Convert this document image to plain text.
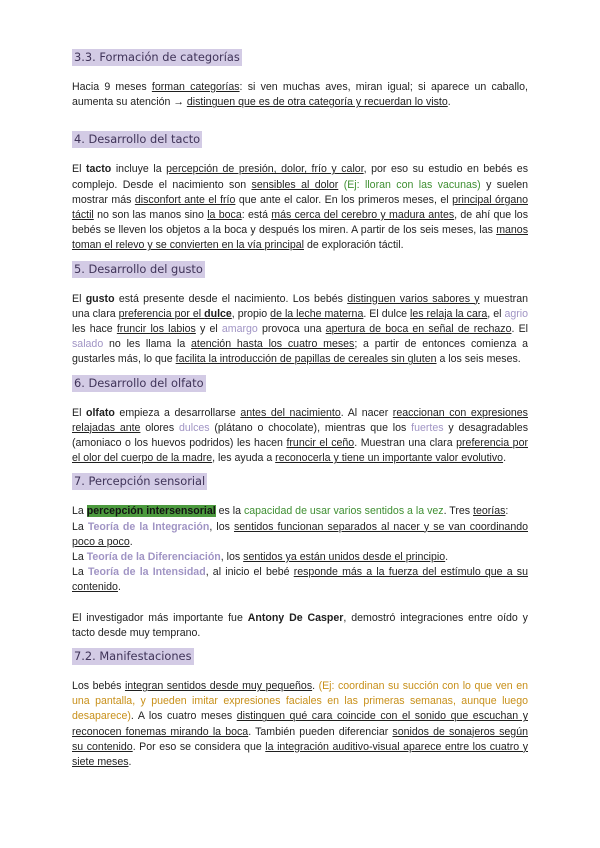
3.3. Formación de categorías

Hacia 9 meses forman categorías: si ven muchas aves, miran igual; si aparece un caballo, aumenta su atención → distinguen que es de otra categoría y recuerdan lo visto.

4. Desarrollo del tacto

El tacto incluye la percepción de presión, dolor, frío y calor, por eso su estudio en bebés es complejo. Desde el nacimiento son sensibles al dolor (Ej: lloran con las vacunas) y suelen mostrar más disconfort ante el frío que ante el calor. En los primeros meses, el principal órgano táctil no son las manos sino la boca: está más cerca del cerebro y madura antes, de ahí que los bebés se lleven los objetos a la boca y después los miren. A partir de los seis meses, las manos toman el relevo y se convierten en la vía principal de exploración táctil.

5. Desarrollo del gusto

El gusto está presente desde el nacimiento. Los bebés distinguen varios sabores y muestran una clara preferencia por el dulce, propio de la leche materna. El dulce les relaja la cara, el agrio les hace fruncir los labios y el amargo provoca una apertura de boca en señal de rechazo. El salado no les llama la atención hasta los cuatro meses; a partir de entonces comienza a gustarles más, lo que facilita la introducción de papillas de cereales sin gluten a los seis meses.

6. Desarrollo del olfato

El olfato empieza a desarrollarse antes del nacimiento. Al nacer reaccionan con expresiones relajadas ante olores dulces (plátano o chocolate), mientras que los fuertes y desagradables (amoniaco o los huevos podridos) les hacen fruncir el ceño. Muestran una clara preferencia por el olor del cuerpo de la madre, les ayuda a reconocerla y tiene un importante valor evolutivo.

7. Percepción sensorial

La percepción intersensorial es la capacidad de usar varios sentidos a la vez. Tres teorías:

La Teoría de la Integración, los sentidos funcionan separados al nacer y se van coordinando poco a poco.

La Teoría de la Diferenciación, los sentidos ya están unidos desde el principio.

La Teoría de la Intensidad, al inicio el bebé responde más a la fuerza del estímulo que a su contenido.

El investigador más importante fue Antony De Casper, demostró integraciones entre oído y tacto desde muy temprano.

7.2. Manifestaciones

Los bebés integran sentidos desde muy pequeños. (Ej: coordinan su succión con lo que ven en una pantalla, y pueden imitar expresiones faciales en las primeras semanas, aunque luego desaparece). A los cuatro meses distinguen qué cara coincide con el sonido que escuchan y reconocen fonemas mirando la boca. También pueden diferenciar sonidos de sonajeros según su contenido. Por eso se considera que la integración auditivo-visual aparece entre los cuatro y siete meses.
